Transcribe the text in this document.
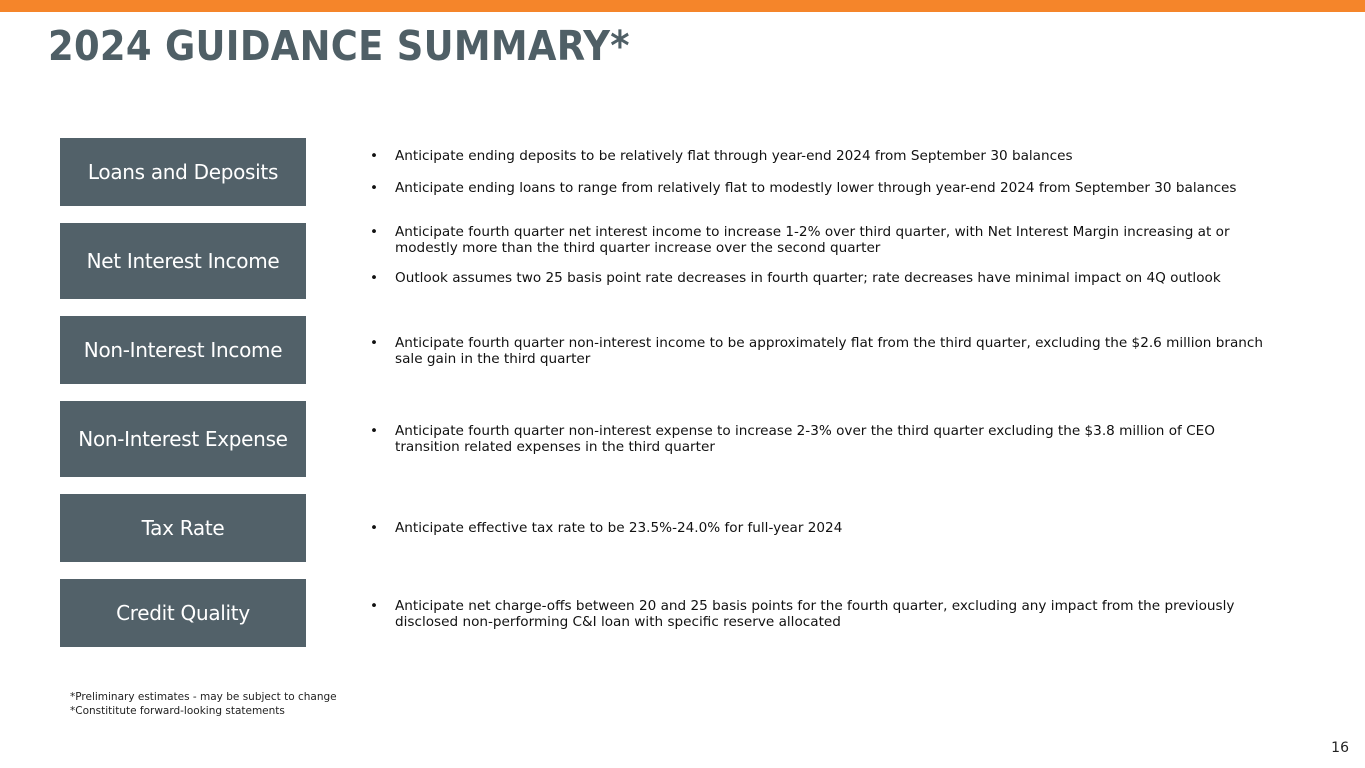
2024 GUIDANCE SUMMARY*
Loans and Deposits
• Anticipate ending deposits to be relatively flat through year-end 2024 from September 30 balances
• Anticipate ending loans to range from relatively flat to modestly lower through year-end 2024 from September 30 balances
Net Interest Income
• Anticipate fourth quarter net interest income to increase 1-2% over third quarter, with Net Interest Margin increasing at or modestly more than the third quarter increase over the second quarter
• Outlook assumes two 25 basis point rate decreases in fourth quarter; rate decreases have minimal impact on 4Q outlook
Non-Interest Income	• Anticipate fourth quarter non-interest income to be approximately flat from the third quarter, excluding the $2.6 million branch sale gain in the third quarter
Non-Interest Expense	• Anticipate fourth quarter non-interest expense to increase 2-3% over the third quarter excluding the $3.8 million of CEO transition related expenses in the third quarter
Tax Rate	• Anticipate effective tax rate to be 23.5%-24.0% for full-year 2024
Credit Quality	• Anticipate net charge-offs between 20 and 25 basis points for the fourth quarter, excluding any impact from the previously disclosed non-performing C&I loan with specific reserve allocated
*Preliminary estimates - may be subject to change
*Constititute forward-looking statements
16
